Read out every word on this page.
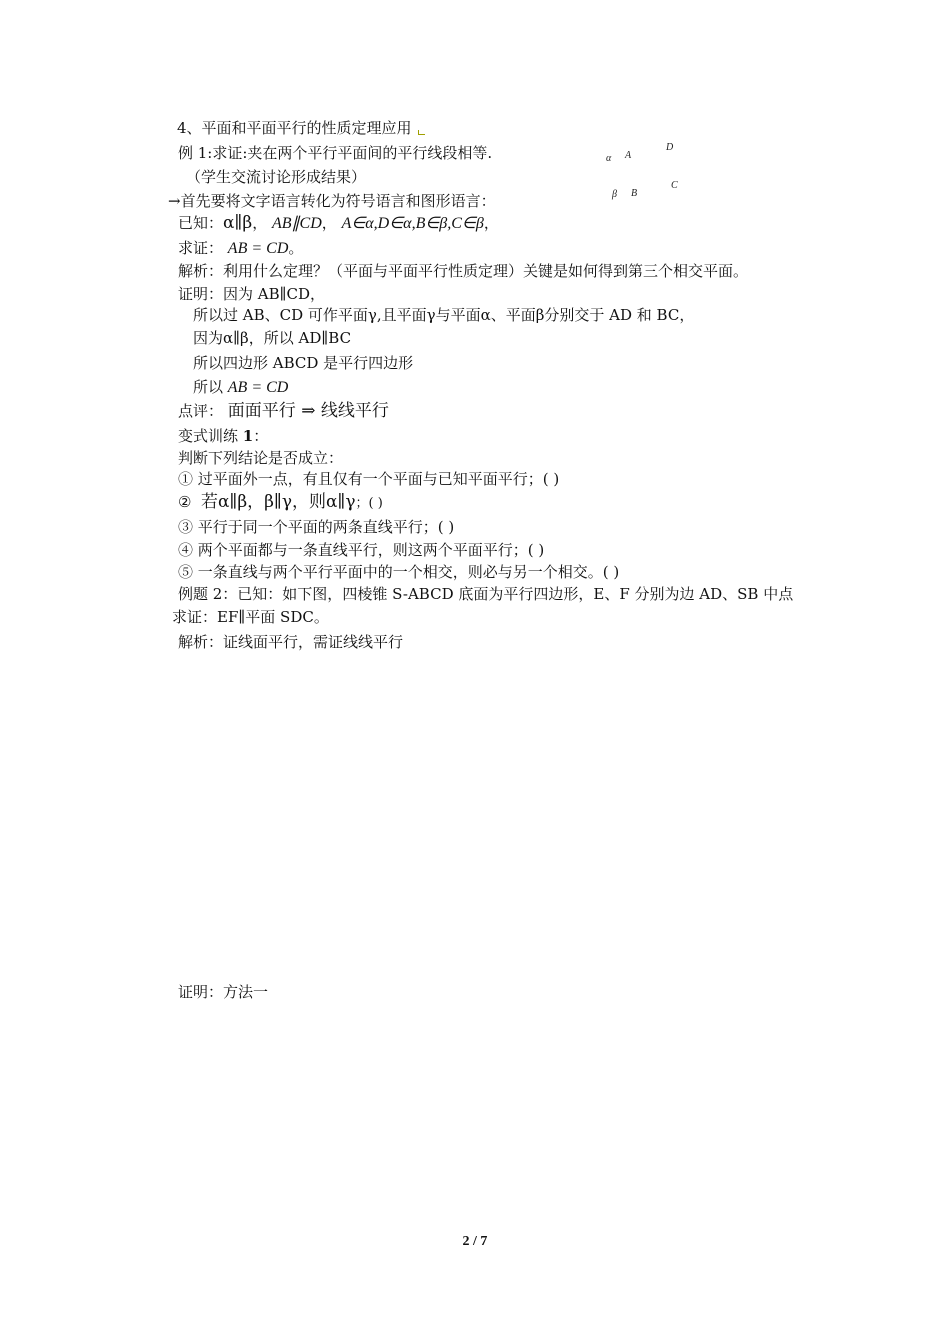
4、平面和平面平行的性质定理应用
例 1:求证:夹在两个平行平面间的平行线段相等.
（学生交流讨论形成结果）
→首先要将文字语言转化为符号语言和图形语言：
α A
D
β B
C
已知：α∥β， AB∥CD， A∈α,D∈α,B∈β,C∈β，
求证： AB = CD。
解析：利用什么定理？（平面与平面平行性质定理）关键是如何得到第三个相交平面。
证明：因为 AB∥CD，
所以过 AB、CD 可作平面γ,且平面γ与平面α、平面β分别交于 AD 和 BC，
因为α∥β，所以 AD∥BC
所以四边形 ABCD 是平行四边形
所以 AB = CD
点评： 面面平行 ⇒ 线线平行
变式训练 1：
判断下列结论是否成立：
① 过平面外一点，有且仅有一个平面与已知平面平行；( )
②  若α∥β，β∥γ，则α∥γ；( )
③ 平行于同一个平面的两条直线平行；( )
④ 两个平面都与一条直线平行，则这两个平面平行；( )
⑤ 一条直线与两个平行平面中的一个相交，则必与另一个相交。( )
例题 2：已知：如下图，四棱锥 S-ABCD 底面为平行四边形，E、F 分别为边 AD、SB 中点
求证：EF∥平面 SDC。
解析：证线面平行，需证线线平行
证明：方法一
2 / 7
